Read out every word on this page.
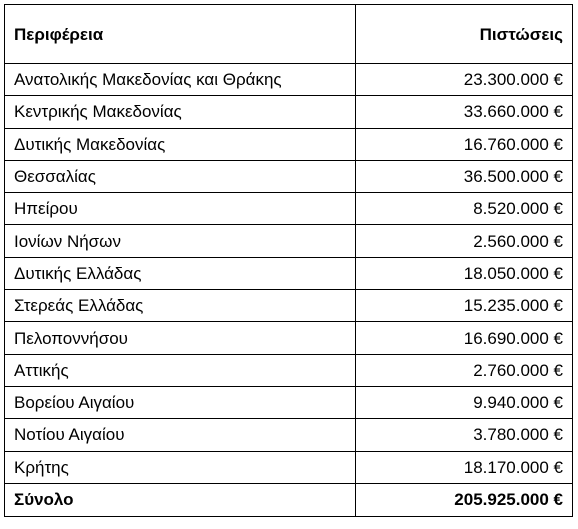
Περιφέρεια	Πιστώσεις
Ανατολικής Μακεδονίας και Θράκης	23.300.000 €
Κεντρικής Μακεδονίας	33.660.000 €
Δυτικής Μακεδονίας	16.760.000 €
Θεσσαλίας	36.500.000 €
Ηπείρου	8.520.000 €
Ιονίων Νήσων	2.560.000 €
Δυτικής Ελλάδας	18.050.000 €
Στερεάς Ελλάδας	15.235.000 €
Πελοποννήσου	16.690.000 €
Αττικής	2.760.000 €
Βορείου Αιγαίου	9.940.000 €
Νοτίου Αιγαίου	3.780.000 €
Κρήτης	18.170.000 €
Σύνολο	205.925.000 €
